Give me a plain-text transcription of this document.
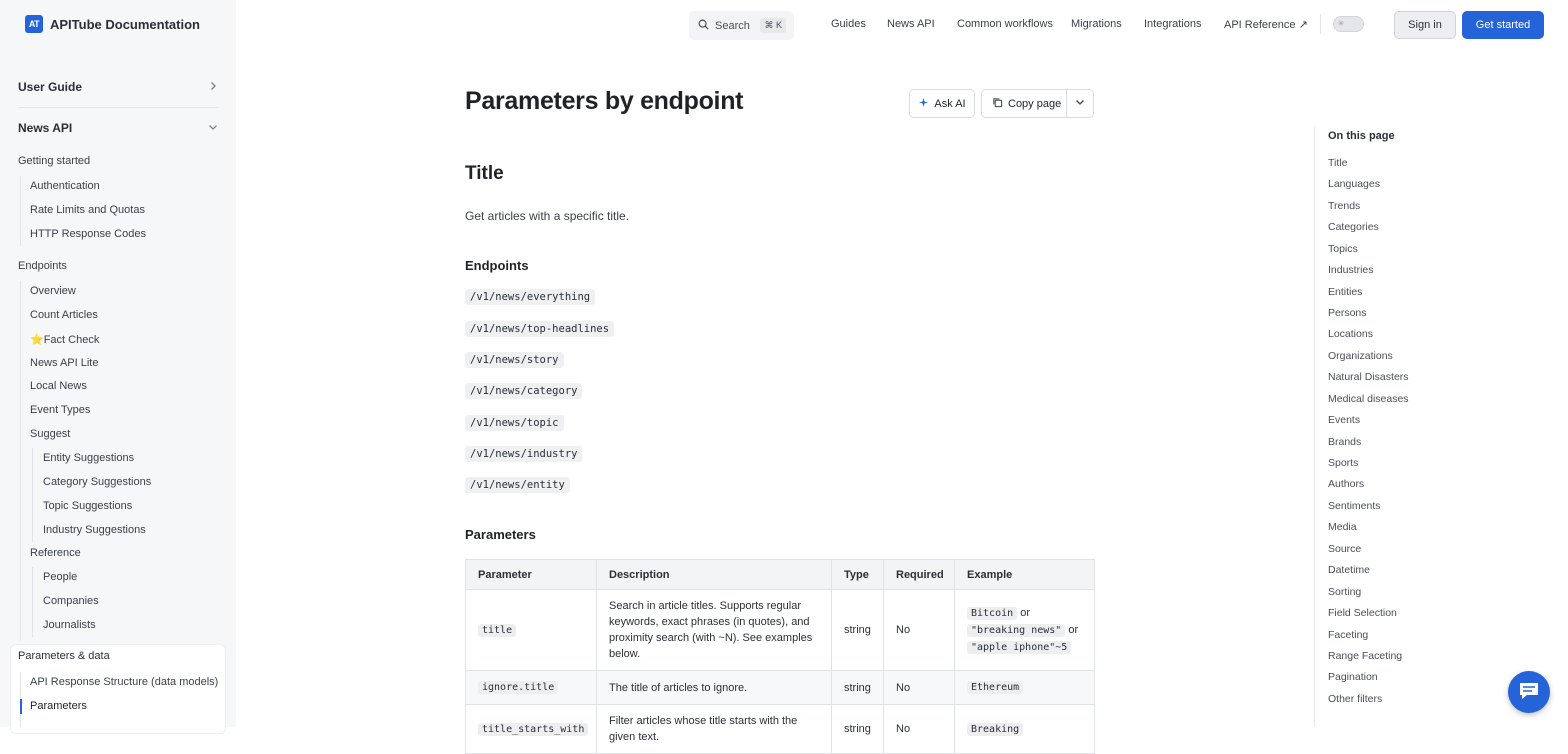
AT APITube Documentation
User Guide
News API
Getting started
Authentication
Rate Limits and Quotas
HTTP Response Codes
Endpoints
Overview
Count Articles
⭐Fact Check
News API Lite
Local News
Event Types
Suggest
Entity Suggestions
Category Suggestions
Topic Suggestions
Industry Suggestions
Reference
People
Companies
Journalists
Parameters & data
API Response Structure (data models)
Parameters
Search	⌘ K	Guides News API Common workflows Migrations Integrations API Reference ↗	✳	Sign in	Get started
Parameters by endpoint	Ask AI	Copy page
Title

Get articles with a specific title.

Endpoints
/v1/news/everything
/v1/news/top-headlines
/v1/news/story
/v1/news/category
/v1/news/topic
/v1/news/industry
/v1/news/entity
Parameters
Parameter	Description	Type	Required	Example
title	Search in article titles. Supports regular keywords, exact phrases (in quotes), and proximity search (with ~N). See examples below.	string	No	Bitcoin or
"breaking news" or
"apple iphone"~5
ignore.title	The title of articles to ignore.	string	No	Ethereum
title_starts_with	Filter articles whose title starts with the given text.	string	No	Breaking
On this page
Title
Languages
Trends
Categories
Topics
Industries
Entities
Persons
Locations
Organizations
Natural Disasters
Medical diseases
Events
Brands
Sports
Authors
Sentiments
Media
Source
Datetime
Sorting
Field Selection
Faceting
Range Faceting
Pagination
Other filters
